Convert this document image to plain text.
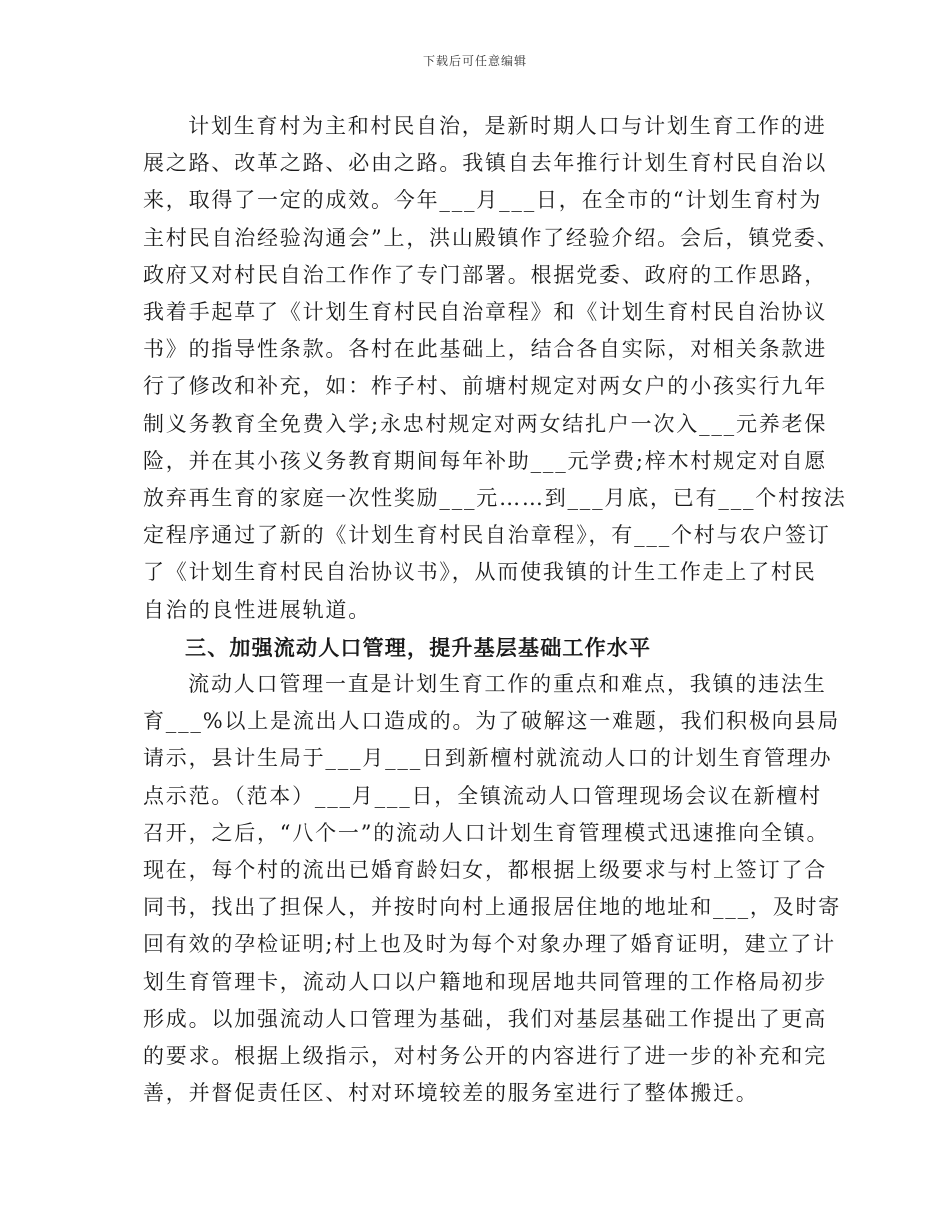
下载后可任意编辑
计划生育村为主和村民自治，是新时期人口与计划生育工作的进
展之路、改革之路、必由之路。我镇自去年推行计划生育村民自治以
来，取得了一定的成效。今年___月___日，在全市的“计划生育村为
主村民自治经验沟通会”上，洪山殿镇作了经验介绍。会后，镇党委、
政府又对村民自治工作作了专门部署。根据党委、政府的工作思路，
我着手起草了《计划生育村民自治章程》和《计划生育村民自治协议
书》的指导性条款。各村在此基础上，结合各自实际，对相关条款进
行了修改和补充，如：柞子村、前塘村规定对两女户的小孩实行九年
制义务教育全免费入学;永忠村规定对两女结扎户一次入___元养老保
险，并在其小孩义务教育期间每年补助___元学费;梓木村规定对自愿
放弃再生育的家庭一次性奖励___元……到___月底，已有___个村按法
定程序通过了新的《计划生育村民自治章程》，有___个村与农户签订
了《计划生育村民自治协议书》，从而使我镇的计生工作走上了村民
自治的良性进展轨道。
三、加强流动人口管理，提升基层基础工作水平
流动人口管理一直是计划生育工作的重点和难点，我镇的违法生
育___%以上是流出人口造成的。为了破解这一难题，我们积极向县局
请示，县计生局于___月___日到新檀村就流动人口的计划生育管理办
点示范。（范本）___月___日，全镇流动人口管理现场会议在新檀村
召开，之后，“八个一”的流动人口计划生育管理模式迅速推向全镇。
现在，每个村的流出已婚育龄妇女，都根据上级要求与村上签订了合
同书，找出了担保人，并按时向村上通报居住地的地址和___，及时寄
回有效的孕检证明;村上也及时为每个对象办理了婚育证明，建立了计
划生育管理卡，流动人口以户籍地和现居地共同管理的工作格局初步
形成。以加强流动人口管理为基础，我们对基层基础工作提出了更高
的要求。根据上级指示，对村务公开的内容进行了进一步的补充和完
善，并督促责任区、村对环境较差的服务室进行了整体搬迁。
